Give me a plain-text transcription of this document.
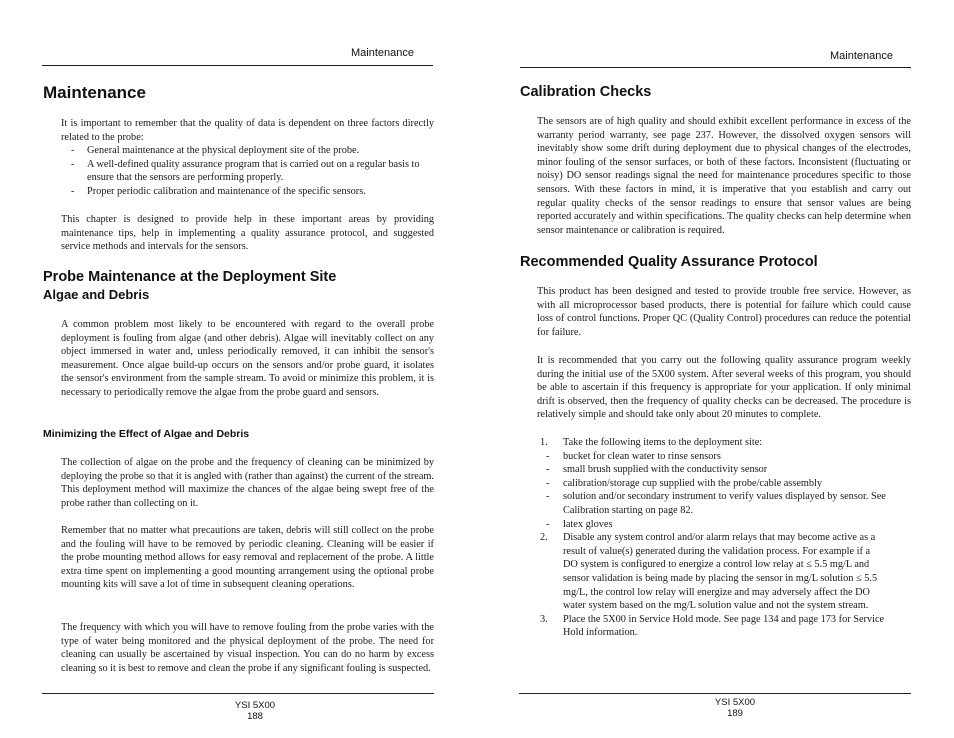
Maintenance
Maintenance

It is important to remember that the quality of data is dependent on three factors directly related to the probe:

- General maintenance at the physical deployment site of the probe.
- A well-defined quality assurance program that is carried out on a regular basis to ensure that the sensors are performing properly.
- Proper periodic calibration and maintenance of the specific sensors.

This chapter is designed to provide help in these important areas by providing maintenance tips, help in implementing a quality assurance protocol, and suggested service methods and intervals for the sensors.

Probe Maintenance at the Deployment Site
Algae and Debris

A common problem most likely to be encountered with regard to the overall probe deployment is fouling from algae (and other debris). Algae will inevitably collect on any object immersed in water and, unless periodically removed, it can inhibit the sensor's measurement. Once algae build-up occurs on the sensors and/or probe guard, it isolates the sensor's environment from the sample stream. To avoid or minimize this problem, it is necessary to periodically remove the algae from the probe guard and sensors.

Minimizing the Effect of Algae and Debris

The collection of algae on the probe and the frequency of cleaning can be minimized by deploying the probe so that it is angled with (rather than against) the current of the stream. This deployment method will maximize the chances of the algae being swept free of the probe rather than collecting on it.

Remember that no matter what precautions are taken, debris will still collect on the probe and the fouling will have to be removed by periodic cleaning. Cleaning will be easier if the probe mounting method allows for easy removal and replacement of the probe. A little extra time spent on implementing a good mounting arrangement using the optional probe mounting kits will save a lot of time in subsequent cleaning operations.

The frequency with which you will have to remove fouling from the probe varies with the type of water being monitored and the physical deployment of the probe. The need for cleaning can usually be ascertained by visual inspection. You can do no harm by excess cleaning so it is best to remove and clean the probe if any significant fouling is suspected.

YSI 5X00
188
Maintenance
Calibration Checks

The sensors are of high quality and should exhibit excellent performance in excess of the warranty period warranty, see page 237. However, the dissolved oxygen sensors will inevitably show some drift during deployment due to physical changes of the electrodes, minor fouling of the sensor surfaces, or both of these factors. Inconsistent (fluctuating or noisy) DO sensor readings signal the need for maintenance procedures specific to those sensors. With these factors in mind, it is imperative that you establish and carry out regular quality checks of the sensor readings to ensure that sensor values are being reported accurately and within specifications. The quality checks can help determine when sensor maintenance or calibration is required.

Recommended Quality Assurance Protocol

This product has been designed and tested to provide trouble free service. However, as with all microprocessor based products, there is potential for failure which could cause loss of control functions. Proper QC (Quality Control) procedures can reduce the potential for failure.

It is recommended that you carry out the following quality assurance program weekly during the initial use of the 5X00 system. After several weeks of this program, you should be able to ascertain if this frequency is appropriate for your application. If only minimal drift is observed, then the frequency of quality checks can be decreased. The procedure is relatively simple and should take only about 20 minutes to complete.

1. Take the following items to the deployment site:
- bucket for clean water to rinse sensors
- small brush supplied with the conductivity sensor
- calibration/storage cup supplied with the probe/cable assembly
- solution and/or secondary instrument to verify values displayed by sensor. See Calibration starting on page 82.
- latex gloves
2. Disable any system control and/or alarm relays that may become active as a result of value(s) generated during the validation process. For example if a DO system is configured to energize a control low relay at ≤ 5.5 mg/L and sensor validation is being made by placing the sensor in mg/L solution ≤ 5.5 mg/L, the control low relay will energize and may adversely affect the DO water system based on the mg/L solution value and not the system stream.
3. Place the 5X00 in Service Hold mode. See page 134 and page 173 for Service Hold information.
YSI 5X00
189
